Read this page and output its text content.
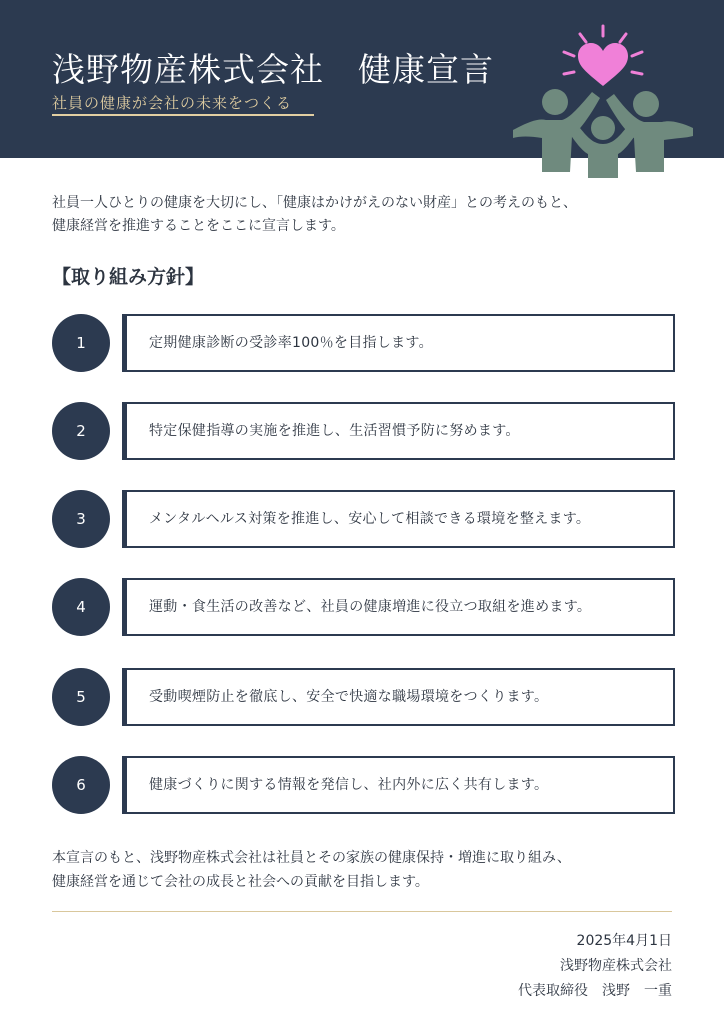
浅野物産株式会社　健康宣言
社員の健康が会社の未来をつくる
社員一人ひとりの健康を大切にし、「健康はかけがえのない財産」との考えのもと、
健康経営を推進することをここに宣言します。
【取り組み方針】
定期健康診断の受診率100％を目指します。
1
特定保健指導の実施を推進し、生活習慣予防に努めます。
2
メンタルヘルス対策を推進し、安心して相談できる環境を整えます。
3
運動・食生活の改善など、社員の健康増進に役立つ取組を進めます。
4
受動喫煙防止を徹底し、安全で快適な職場環境をつくります。
5
健康づくりに関する情報を発信し、社内外に広く共有します。
6
本宣言のもと、浅野物産株式会社は社員とその家族の健康保持・増進に取り組み、
健康経営を通じて会社の成長と社会への貢献を目指します。
2025年4月1日
浅野物産株式会社
代表取締役　浅野　一重
